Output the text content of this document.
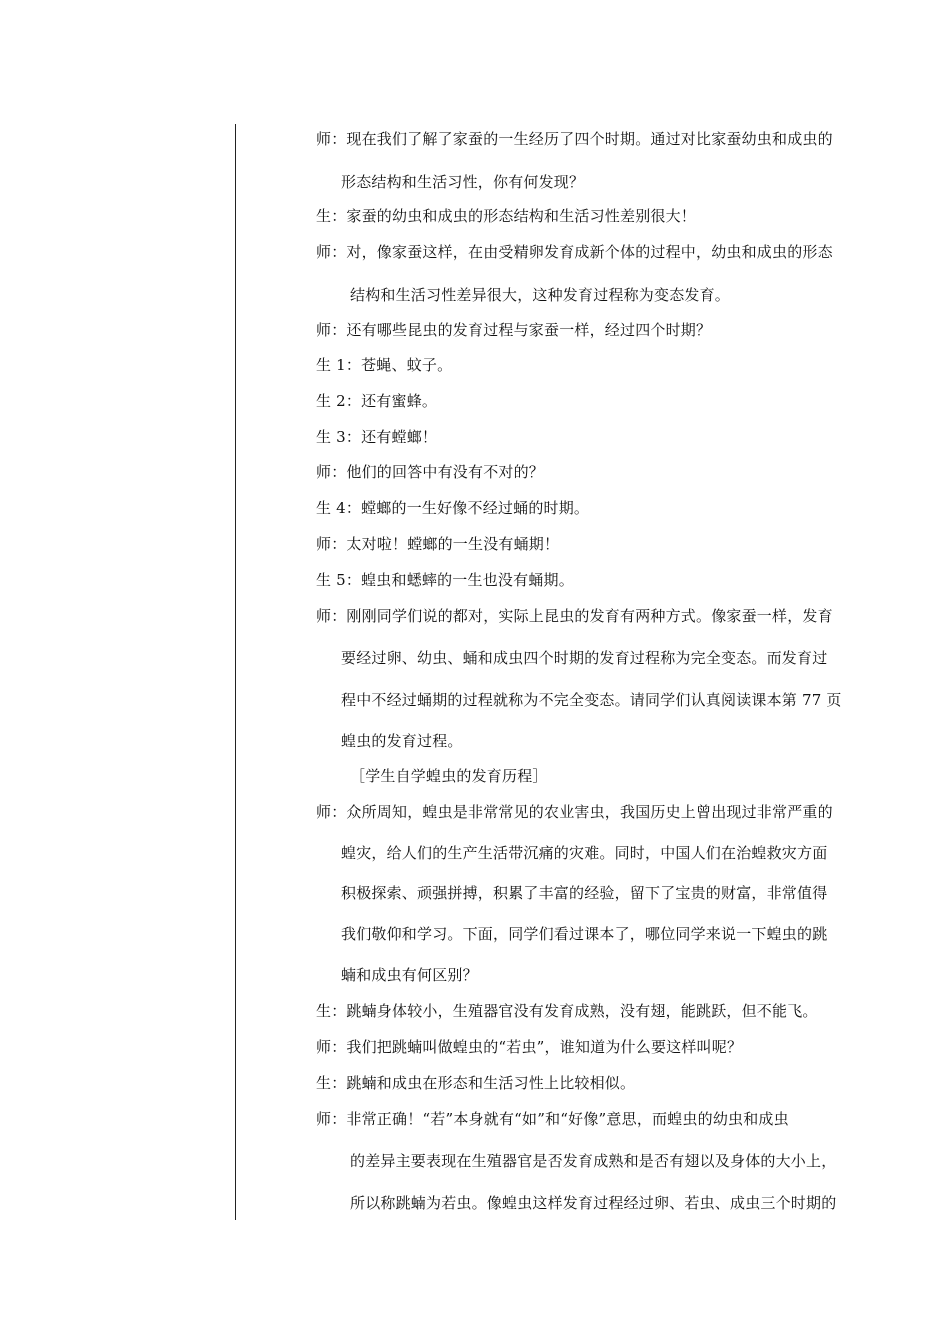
师：现在我们了解了家蚕的一生经历了四个时期。通过对比家蚕幼虫和成虫的
形态结构和生活习性，你有何发现？
生：家蚕的幼虫和成虫的形态结构和生活习性差别很大！
师：对，像家蚕这样，在由受精卵发育成新个体的过程中，幼虫和成虫的形态
结构和生活习性差异很大，这种发育过程称为变态发育。
师：还有哪些昆虫的发育过程与家蚕一样，经过四个时期？
生 1：苍蝇、蚊子。
生 2：还有蜜蜂。
生 3：还有螳螂！
师：他们的回答中有没有不对的？
生 4：螳螂的一生好像不经过蛹的时期。
师：太对啦！螳螂的一生没有蛹期！
生 5：蝗虫和蟋蟀的一生也没有蛹期。
师：刚刚同学们说的都对，实际上昆虫的发育有两种方式。像家蚕一样，发育
要经过卵、幼虫、蛹和成虫四个时期的发育过程称为完全变态。而发育过
程中不经过蛹期的过程就称为不完全变态。请同学们认真阅读课本第 77 页
蝗虫的发育过程。
［学生自学蝗虫的发育历程］
师：众所周知，蝗虫是非常常见的农业害虫，我国历史上曾出现过非常严重的
蝗灾，给人们的生产生活带沉痛的灾难。同时，中国人们在治蝗救灾方面
积极探索、顽强拼搏，积累了丰富的经验，留下了宝贵的财富，非常值得
我们敬仰和学习。下面，同学们看过课本了，哪位同学来说一下蝗虫的跳
蝻和成虫有何区别？
生：跳蝻身体较小，生殖器官没有发育成熟，没有翅，能跳跃，但不能飞。
师：我们把跳蝻叫做蝗虫的“若虫”，谁知道为什么要这样叫呢？
生：跳蝻和成虫在形态和生活习性上比较相似。
师：非常正确！“若”本身就有“如”和“好像”意思，而蝗虫的幼虫和成虫
的差异主要表现在生殖器官是否发育成熟和是否有翅以及身体的大小上，
所以称跳蝻为若虫。像蝗虫这样发育过程经过卵、若虫、成虫三个时期的
